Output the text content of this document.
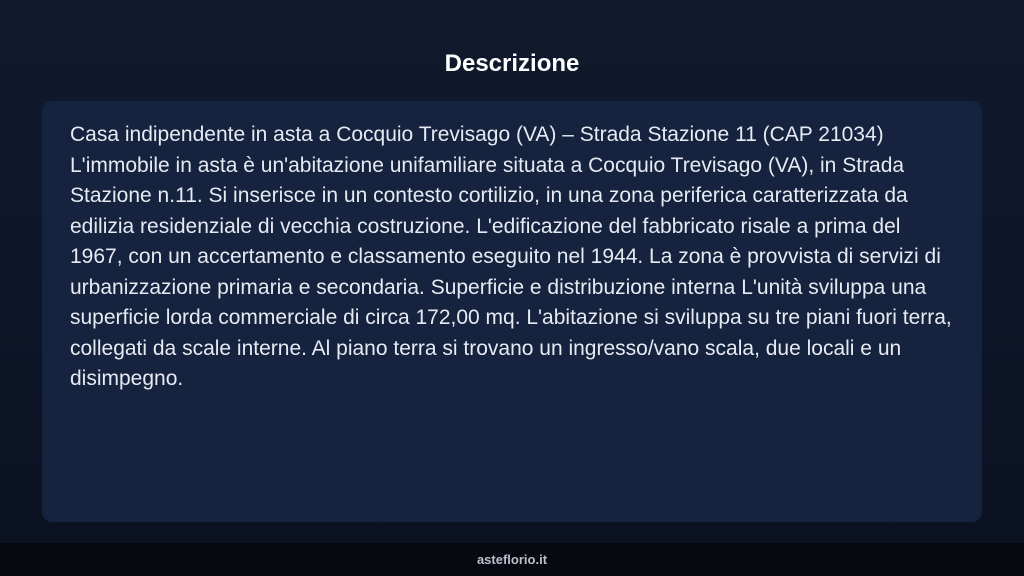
Descrizione

Casa indipendente in asta a Cocquio Trevisago (VA) – Strada Stazione 11 (CAP 21034) L'immobile in asta è un'abitazione unifamiliare situata a Cocquio Trevisago (VA), in Strada Stazione n.11. Si inserisce in un contesto cortilizio, in una zona periferica caratterizzata da edilizia residenziale di vecchia costruzione. L'edificazione del fabbricato risale a prima del 1967, con un accertamento e classamento eseguito nel 1944. La zona è provvista di servizi di urbanizzazione primaria e secondaria. Superficie e distribuzione interna L'unità sviluppa una superficie lorda commerciale di circa 172,00 mq. L'abitazione si sviluppa su tre piani fuori terra, collegati da scale interne. Al piano terra si trovano un ingresso/vano scala, due locali e un disimpegno.

asteflorio.it
